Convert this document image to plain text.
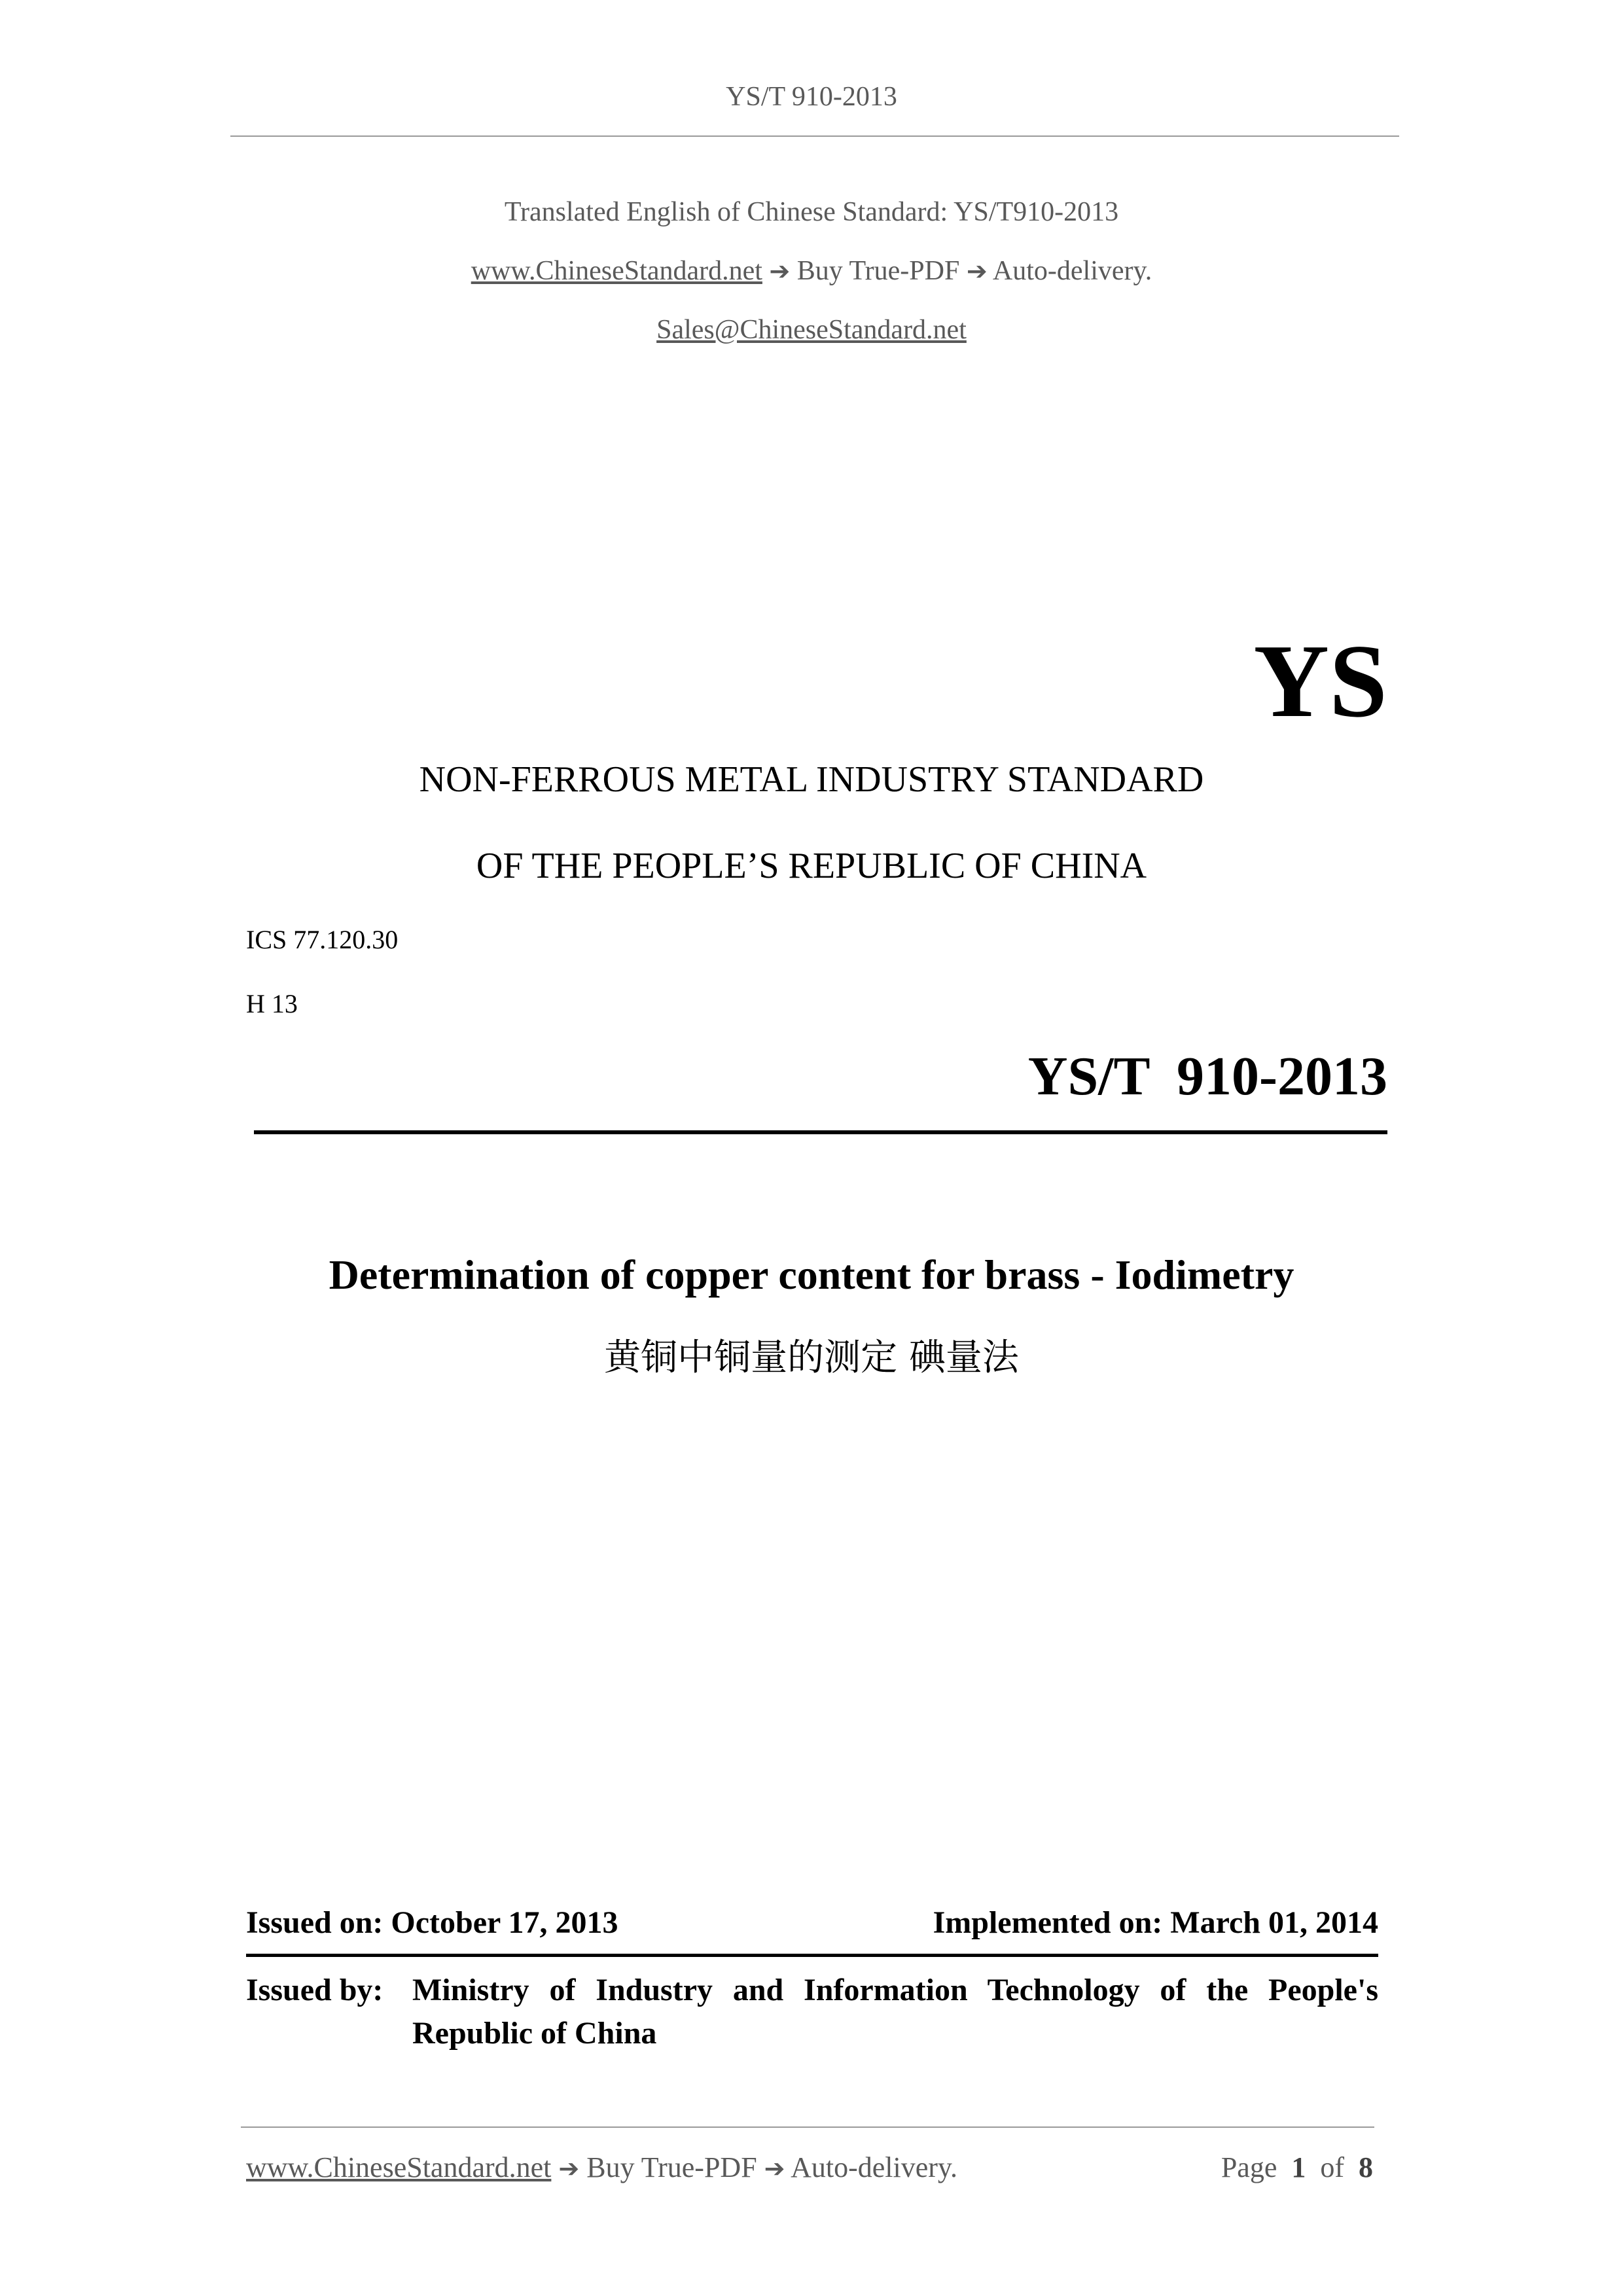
YS/T 910-2013
Translated English of Chinese Standard: YS/T910-2013
www.ChineseStandard.net ➔ Buy True-PDF ➔ Auto-delivery.
Sales@ChineseStandard.net
YS
NON-FERROUS METAL INDUSTRY STANDARD
OF THE PEOPLE’S REPUBLIC OF CHINA
ICS 77.120.30
H 13
YS/T  910-2013
Determination of copper content for brass - Iodimetry
黄铜中铜量的测定 碘量法
Issued on: October 17, 2013	Implemented on: March 01, 2014
Issued by: Ministry of Industry and Information Technology of the People's Republic of China
www.ChineseStandard.net ➔ Buy True-PDF ➔ Auto-delivery.	Page 1 of 8
